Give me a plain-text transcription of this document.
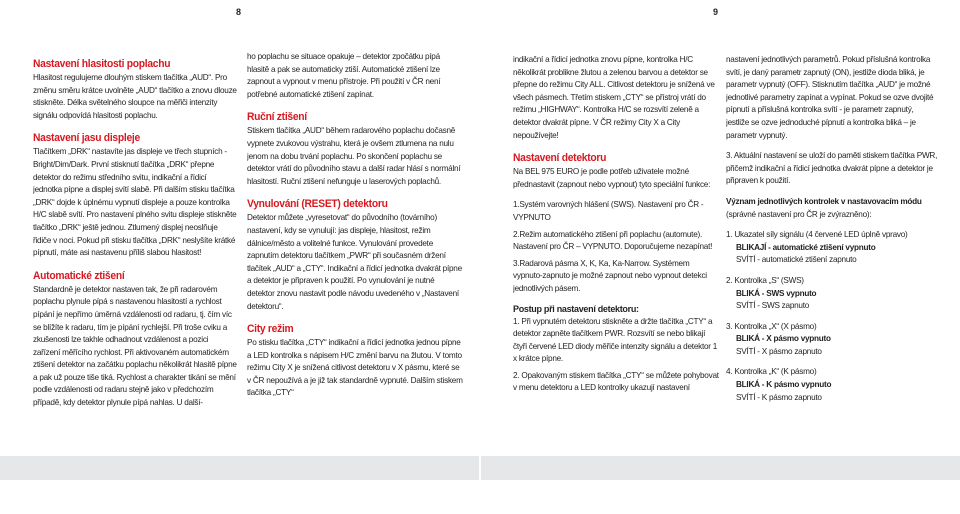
Nastavení hlasitosti poplachu

Hlasitost regulujeme dlouhým stiskem tlačítka „AUD“. Pro změnu směru krátce uvolněte „AUD“ tlačítko a znovu dlouze stiskněte. Délka světelného sloupce na měřiči intenzity signálu odpovídá hlasitosti poplachu.

Nastavení jasu displeje

Tlačítkem „DRK“ nastavíte jas displeje ve třech stupních - Bright/Dim/Dark. První stisknutí tlačítka „DRK“ přepne detektor do režimu středního svitu, indikační a řídicí jednotka pípne a displej svítí slabě. Při dalším stisku tlačítka „DRK“ dojde k úplnému vypnutí displeje a pouze kontrolka H/C slabě svítí. Pro nastavení plného svitu displeje stiskněte tlačítko „DRK“ ještě jednou. Ztlumený displej neoslňuje řidiče v noci. Pokud při stisku tlačítka „DRK“ neslyšíte krátké pípnutí, máte asi nastavenu příliš slabou hlasitost!

Automatické ztišení

Standardně je detektor nastaven tak, že při radarovém poplachu plynule pípá s nastavenou hlasitostí a rychlost pípání je nepřímo úměrná vzdálenosti od radaru, tj. čím víc se blížíte k radaru, tím je pípání rychlejší. Při troše cviku a zkušenosti lze takhle odhadnout vzdálenost a pozici zařízení měřícího rychlost. Při aktivovaném automatickém ztišení detektor na začátku poplachu několikrát hlasitě pípne a pak už pouze tiše tiká. Rychlost a charakter tikání se mění podle vzdálenosti od radaru stejně jako v předchozím případě, kdy detektor plynule pípá nahlas. U další-

ho poplachu se situace opakuje – detektor zpočátku pípá hlasitě a pak se automaticky ztiší. Automatické ztišení lze zapnout a vypnout v menu přístroje. Při použití v ČR není potřebné automatické ztišení zapínat.

Ruční ztišení

Stiskem tlačítka „AUD“ během radarového poplachu dočasně vypnete zvukovou výstrahu, která je ovšem ztlumena na nulu jenom na dobu trvání poplachu. Po skončení poplachu se detektor vrátí do původního stavu a další radar hlásí s normální hlasitostí. Ruční ztišení nefunguje u laserových poplachů.

Vynulování (RESET) detektoru

Detektor můžete „vyresetovat“ do původního (továrního) nastavení, kdy se vynulují: jas displeje, hlasitost, režim dálnice/město a volitelné funkce. Vynulování provedete zapnutím detektoru tlačítkem „PWR“ při současném držení tlačítek „AUD“ a „CTY“. Indikační a řídicí jednotka dvakrát pípne a detektor je připraven k použití. Po vynulování je nutné detektor znovu nastavit podle návodu uvedeného v „Nastavení detektoru“.

City režim

Po stisku tlačítka „CTY“ indikační a řídicí jednotka jednou pípne a LED kontrolka s nápisem H/C změní barvu na žlutou. V tomto režimu City X je snížená citlivost detektoru v X pásmu, které se v ČR nepoužívá a je již tak standardně vypnuté. Dalším stiskem tlačítka „CTY“

indikační a řídicí jednotka znovu pípne, kontrolka H/C několikrát problikne žlutou a zelenou barvou a detektor se přepne do režimu City ALL. Citlivost detektoru je snížená ve všech pásmech. Třetím stiskem „CTY“ se přístroj vrátí do režimu „HIGHWAY“. Kontrolka H/C se rozsvítí zeleně a detektor dvakrát pípne. V ČR režimy City X a City nepoužívejte!

Nastavení detektoru

Na BEL 975 EURO je podle potřeb uživatele možné přednastavit (zapnout nebo vypnout) tyto speciální funkce:

1.Systém varovných hlášení (SWS). Nastavení pro ČR - VYPNUTO

2.Režim automatického ztišení při poplachu (automute). Nastavení pro ČR – VYPNUTO. Doporučujeme nezapínat!

3.Radarová pásma X, K, Ka, Ka-Narrow. Systémem vypnuto-zapnuto je možné zapnout nebo vypnout detekci jednotlivých pásem.

Postup při nastavení detektoru:

1. Při vypnutém detektoru stiskněte a držte tlačítka „CTY“ a detektor zapněte tlačítkem PWR. Rozsvítí se nebo blikají čtyři červené LED diody měřiče intenzity signálu a detektor 1 x krátce pípne.

2. Opakovaným stiskem tlačítka „CTY“ se můžete pohybovat v menu detektoru a LED kontrolky ukazují nastavení

nastavení jednotlivých parametrů. Pokud příslušná kontrolka svítí, je daný parametr zapnutý (ON), jestliže dioda bliká, je parametr vypnutý (OFF). Stisknutím tlačítka „AUD“ je možné jednotlivé parametry zapínat a vypínat. Pokud se ozve dvojité pípnutí a příslušná kontrolka svítí - je parametr zapnutý, jestliže se ozve jednoduché pípnutí a kontrolka bliká – je parametr vypnutý.

3. Aktuální nastavení se uloží do paměti stiskem tlačítka PWR, přičemž indikační a řídicí jednotka dvakrát pípne a detektor je připraven k použití.

Význam jednotlivých kontrolek v nastavovacím módu

(správné nastavení pro ČR je zvýrazněno):

1. Ukazatel síly signálu (4 červené LED úplně vpravo)

BLIKAJÍ - automatické ztišení vypnuto

SVÍTÍ - automatické ztišení zapnuto

2. Kontrolka „S“ (SWS)

BLIKÁ - SWS vypnuto

SVÍTÍ - SWS zapnuto

3. Kontrolka „X“ (X pásmo)

BLIKÁ - X pásmo vypnuto

SVÍTÍ - X pásmo zapnuto

4. Kontrolka „K“ (K pásmo)

BLIKÁ - K pásmo vypnuto

SVÍTÍ - K pásmo zapnuto

8	9
